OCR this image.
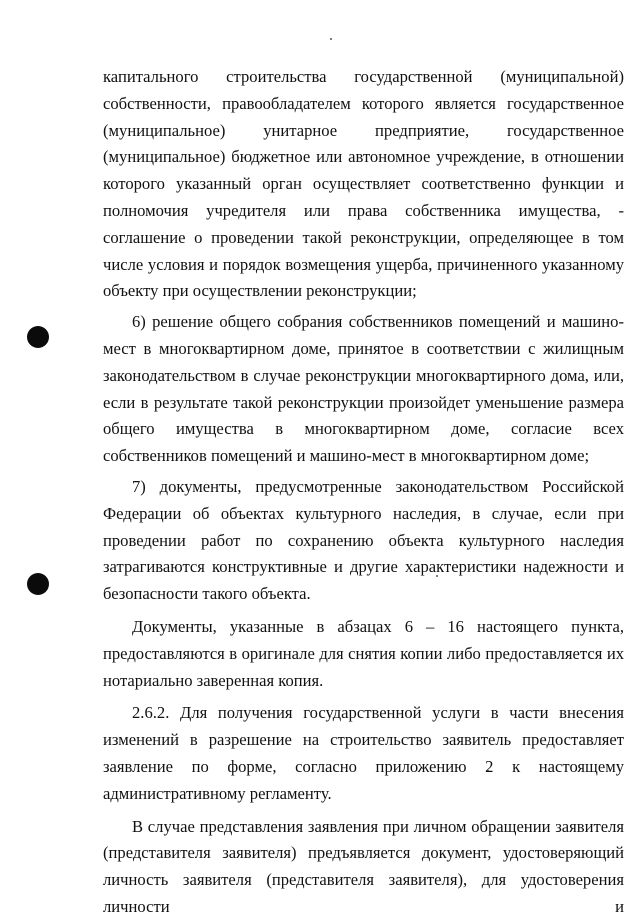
капитального строительства государственной (муниципальной) собственности, правообладателем которого является государственное (муниципальное) унитарное предприятие, государственное (муниципальное) бюджетное или автономное учреждение, в отношении которого указанный орган осуществляет соответственно функции и полномочия учредителя или права собственника имущества, - соглашение о проведении такой реконструкции, определяющее в том числе условия и порядок возмещения ущерба, причиненного указанному объекту при осуществлении реконструкции;

6) решение общего собрания собственников помещений и машино-мест в многоквартирном доме, принятое в соответствии с жилищным законодательством в случае реконструкции многоквартирного дома, или, если в результате такой реконструкции произойдет уменьшение размера общего имущества в многоквартирном доме, согласие всех собственников помещений и машино-мест в многоквартирном доме;

7) документы, предусмотренные законодательством Российской Федерации об объектах культурного наследия, в случае, если при проведении работ по сохранению объекта культурного наследия затрагиваются конструктивные и другие характеристики надежности и безопасности такого объекта.

Документы, указанные в абзацах 6 – 16 настоящего пункта, предоставляются в оригинале для снятия копии либо предоставляется их нотариально заверенная копия.

2.6.2. Для получения государственной услуги в части внесения изменений в разрешение на строительство заявитель предоставляет заявление по форме, согласно приложению 2 к настоящему административному регламенту.

В случае представления заявления при личном обращении заявителя (представителя заявителя) предъявляется документ, удостоверяющий личность заявителя (представителя заявителя), для удостоверения личности и
